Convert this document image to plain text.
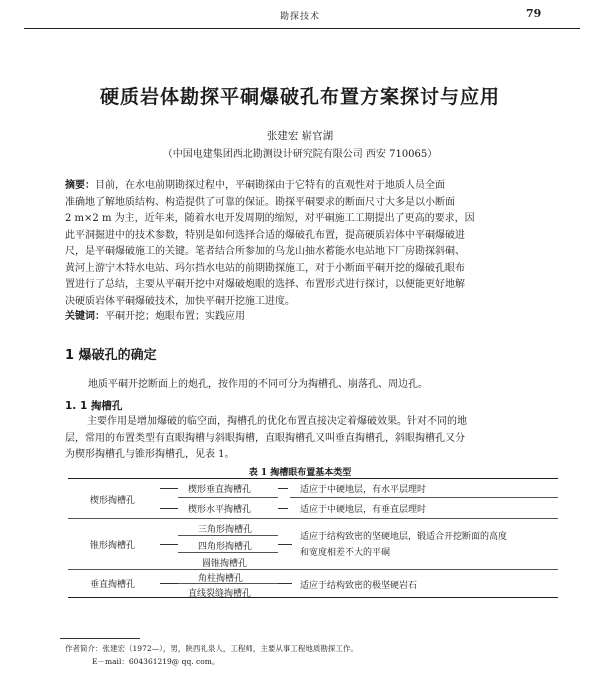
勘探技术	79
硬质岩体勘探平硐爆破孔布置方案探讨与应用
张建宏 崭官湖
（中国电建集团西北勘测设计研究院有限公司 西安 710065）
摘要：目前，在水电前期勘探过程中，平硐勘探由于它特有的直观性对于地质人员全面
准确地了解地质结构、构造提供了可靠的保证。勘探平硐要求的断面尺寸大多是以小断面
2 m×2 m 为主，近年来，随着水电开发周期的缩短，对平硐施工工期提出了更高的要求，因
此平洞掘进中的技术参数，特别是如何选择合适的爆破孔布置，提高硬质岩体中平硐爆破进
尺，是平硐爆破施工的关键。笔者结合所参加的乌龙山抽水蓄能水电站地下厂房勘探斜硐、
黄河上游宁木特水电站、玛尔挡水电站的前期勘探施工，对于小断面平硐开挖的爆破孔眼布
置进行了总结，主要从平硐开挖中对爆破炮眼的选择、布置形式进行探讨，以便能更好地解
决硬质岩体平硐爆破技术，加快平硐开挖施工进度。
关键词：平硐开挖；炮眼布置；实践应用
1 爆破孔的确定
地质平硐开挖断面上的炮孔，按作用的不同可分为掏槽孔、崩落孔、周边孔。
1. 1 掏槽孔
主要作用是增加爆破的临空面，掏槽孔的优化布置直接决定着爆破效果。针对不同的地
层，常用的布置类型有直眼掏槽与斜眼掏槽，直眼掏槽孔又叫垂直掏槽孔，斜眼掏槽孔又分
为楔形掏槽孔与锥形掏槽孔，见表 1。
表 1 掏槽眼布置基本类型
楔形掏槽孔
楔形垂直掏槽孔
楔形水平掏槽孔
适应于中硬地层，有水平层理时
适应于中硬地层，有垂直层理时
锥形掏槽孔
三角形掏槽孔
四角形掏槽孔
圆锥掏槽孔
适应于结构致密的坚硬地层，锻适合开挖断面的高度
和宽度相差不大的平硐
垂直掏槽孔
角柱掏槽孔
直线裂缝掏槽孔
适应于结构致密的极坚硬岩石
作者简介：张建宏（1972—），男，陕西礼泉人，工程师，主要从事工程地质勘探工作。
E－mail：604361219@ qq. com。
